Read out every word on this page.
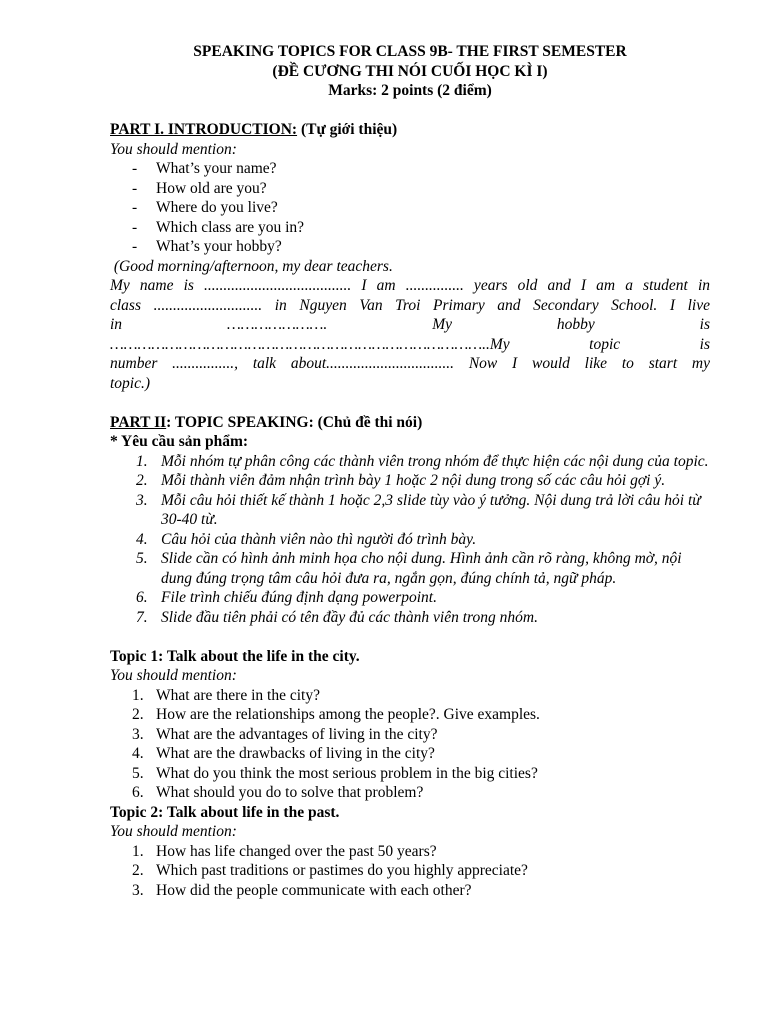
SPEAKING TOPICS FOR CLASS 9B- THE FIRST SEMESTER
(ĐỀ CƯƠNG THI NÓI CUỐI HỌC KÌ I)
Marks: 2 points (2 điểm)
PART I. INTRODUCTION: (Tự giới thiệu)
You should mention:
- What’s your name?
- How old are you?
- Where do you live?
- Which class are you in?
- What’s your hobby?
(Good morning/afternoon, my dear teachers.
My name is ...................................... I am ............... years old and I am a student in
class ............................ in Nguyen Van Troi Primary and Secondary School. I live
in …………………. My hobby is
………………………………………………………………………..My topic is
number ................, talk about................................. Now I would like to start my
topic.)
PART II: TOPIC SPEAKING: (Chủ đề thi nói)
* Yêu cầu sản phẩm:
1. Mỗi nhóm tự phân công các thành viên trong nhóm để thực hiện các nội dung của topic.
2. Mỗi thành viên đảm nhận trình bày 1 hoặc 2 nội dung trong số các câu hỏi gợi ý.
3. Mỗi câu hỏi thiết kế thành 1 hoặc 2,3 slide tùy vào ý tưởng. Nội dung trả lời câu hỏi từ 30-40 từ.
4. Câu hỏi của thành viên nào thì người đó trình bày.
5. Slide cần có hình ảnh minh họa cho nội dung. Hình ảnh cần rõ ràng, không mờ, nội dung đúng trọng tâm câu hỏi đưa ra, ngắn gọn, đúng chính tả, ngữ pháp.
6. File trình chiếu đúng định dạng powerpoint.
7. Slide đầu tiên phải có tên đầy đủ các thành viên trong nhóm.
Topic 1: Talk about the life in the city.
You should mention:
1. What are there in the city?
2. How are the relationships among the people?. Give examples.
3. What are the advantages of living in the city?
4. What are the drawbacks of living in the city?
5. What do you think the most serious problem in the big cities?
6. What should you do to solve that problem?
Topic 2: Talk about life in the past.
You should mention:
1. How has life changed over the past 50 years?
2. Which past traditions or pastimes do you highly appreciate?
3. How did the people communicate with each other?
